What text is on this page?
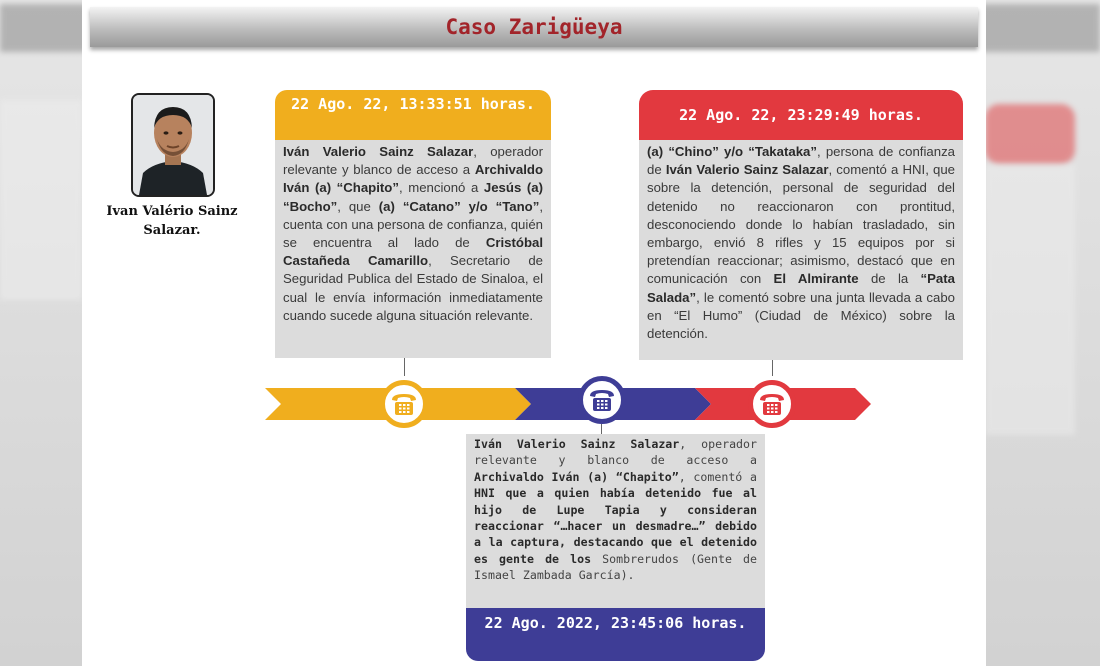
Caso Zarigüeya
Ivan Valério Sainz Salazar.
22 Ago. 22, 13:33:51 horas.
Iván Valerio Sainz Salazar, operador relevante y blanco de acceso a Archivaldo Iván (a) “Chapito”, mencionó a Jesús (a) “Bocho”, que (a) “Catano” y/o “Tano”, cuenta con una persona de confianza, quién se encuentra al lado de Cristóbal Castañeda Camarillo, Secretario de Seguridad Publica del Estado de Sinaloa, el cual le envía información inmediatamente cuando sucede alguna situación relevante.
22 Ago. 22, 23:29:49 horas.
(a) “Chino” y/o “Takataka”, persona de confianza de Iván Valerio Sainz Salazar, comentó a HNI, que sobre la detención, personal de seguridad del detenido no reaccionaron con prontitud, desconociendo donde lo habían trasladado, sin embargo, envió 8 rifles y 15 equipos por si pretendían reaccionar; asimismo, destacó que en comunicación con El Almirante de la “Pata Salada”, le comentó sobre una junta llevada a cabo en “El Humo” (Ciudad de México) sobre la detención.
Iván Valerio Sainz Salazar, operador relevante y blanco de acceso a Archivaldo Iván (a) “Chapito”, comentó a HNI que a quien había detenido fue al hijo de Lupe Tapia y consideran reaccionar “…hacer un desmadre…” debido a la captura, destacando que el detenido es gente de los Sombrerudos (Gente de Ismael Zambada García).
22 Ago. 2022, 23:45:06 horas.
